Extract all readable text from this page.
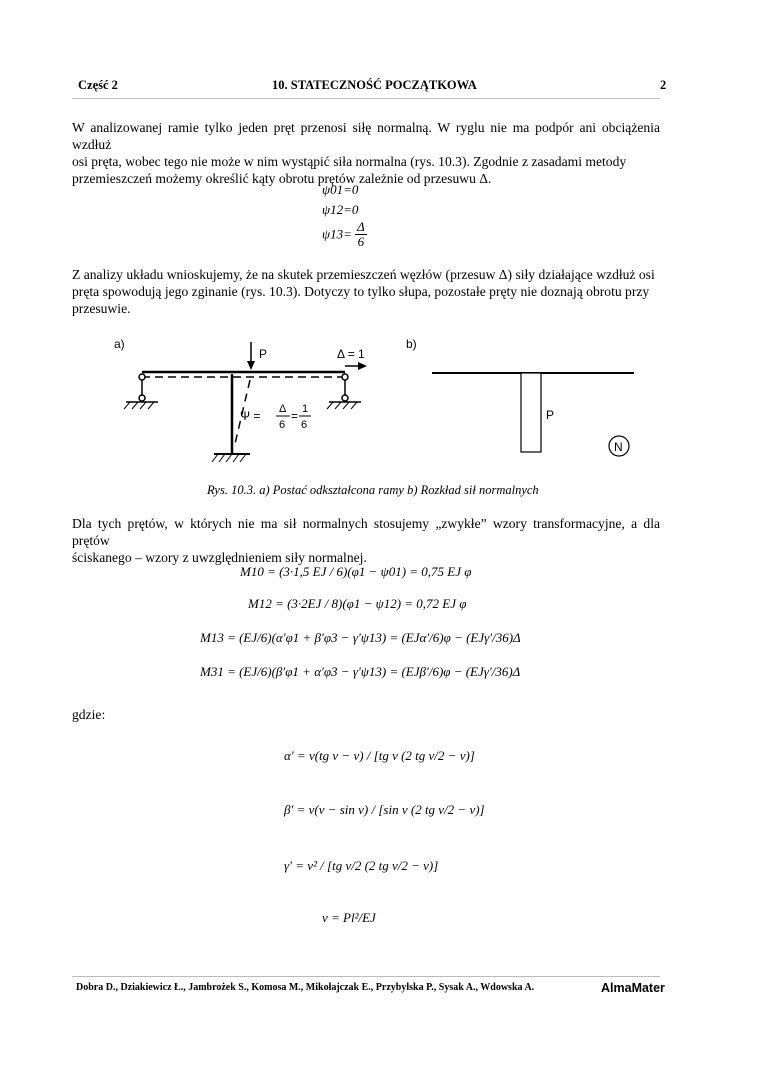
Część 2	10. STATECZNOŚĆ POCZĄTKOWA	2
W analizowanej ramie tylko jeden pręt przenosi siłę normalną. W ryglu nie ma podpór ani obciążenia wzdłuż
osi pręta, wobec tego nie może w nim wystąpić siła normalna (rys. 10.3). Zgodnie z zasadami metody
przemieszczeń możemy określić kąty obrotu prętów zależnie od przesuwu Δ.
ψ01=0
ψ12=0
$\psi 13= \frac{\Delta}{6}$
Z analizy układu wnioskujemy, że na skutek przemieszczeń węzłów (przesuw Δ) siły działające wzdłuż osi
pręta spowodują jego zginanie (rys. 10.3). Dotyczy to tylko słupa, pozostałe pręty nie doznają obrotu przy
przesuwie.
a)
P	Δ = 1
Ψ = Δ
6
= 1
6
b)
P
N
Rys. 10.3. a) Postać odkształcona ramy b) Rozkład sił normalnych
Dla tych prętów, w których nie ma sił normalnych stosujemy „zwykłe” wzory transformacyjne, a dla prętów
ściskanego – wzory z uwzględnieniem siły normalnej.
M10 = (3·1,5 EJ / 6)(φ1 − ψ01) = 0,75 EJ φ
M12 = (3·2EJ / 8)(φ1 − ψ12) = 0,72 EJ φ
M13 = (EJ/6)(α′φ1 + β′φ3 − γ′ψ13) = (EJα′/6)φ − (EJγ′/36)Δ
M31 = (EJ/6)(β′φ1 + α′φ3 − γ′ψ13) = (EJβ′/6)φ − (EJγ′/36)Δ
gdzie:
α′ = ν(tg ν − ν) / [tg ν (2 tg ν/2 − ν)]
β′ = ν(ν − sin ν) / [sin ν (2 tg ν/2 − ν)]
γ′ = ν² / [tg ν/2 (2 tg ν/2 − ν)]
ν = Pl²/EJ
Dobra D., Dziakiewicz Ł., Jambrożek S., Komosa M., Mikołajczak E., Przybylska P., Sysak A., Wdowska A.	AlmaMater
